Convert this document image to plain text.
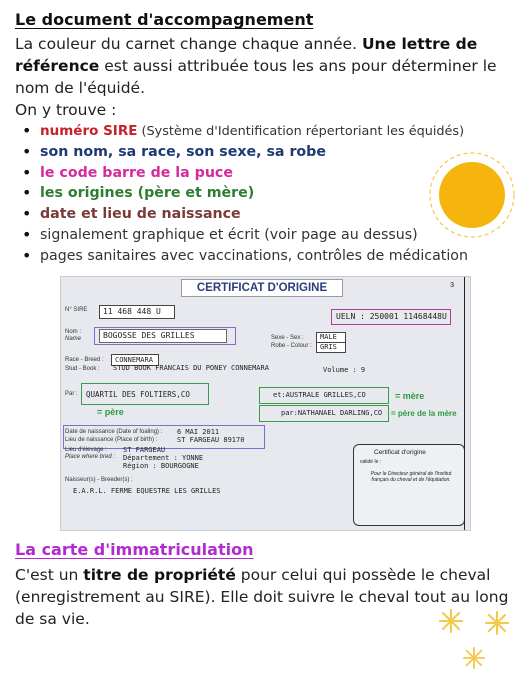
Le document d'accompagnement
La couleur du carnet change chaque année. Une lettre de référence est aussi attribuée tous les ans pour déterminer le nom de l'équidé.
On y trouve :
• numéro SIRE (Système d'Identification répertoriant les équidés)
• son nom, sa race, son sexe, sa robe
• le code barre de la puce
• les origines (père et mère)
• date et lieu de naissance
• signalement graphique et écrit (voir page au dessus)
• pages sanitaires avec vaccinations, contrôles de médication
CERTIFICAT D'ORIGINE	3
N° SIRE	11 468 448 U
UELN : 250001 11468448U
Nom :
Name	BOGOSSE DES GRILLES	Sexe - Sex :	MALE
Robe - Colour :	GRIS
Race - Breed :	CONNEMARA
Stud - Book : STUD BOOK FRANCAIS DU PONEY CONNEMARA	Volume : 9
Par : QUARTIL DES FOLTIERS,CO
= père
et:AUSTRALE GRILLES,CO	= mère
par:NATHANAEL DARLING,CO = père de la mère
Date de naissance (Date of foaling) : 6 MAI 2011
Lieu de naissance (Place of birth) :	ST FARGEAU 89170
Lieu d'élevage : ST FARGEAU
Place where bred : Département : YONNE
Région : BOURGOGNE
Naisseur(s) - Breeder(s) :
E.A.R.L. FERME EQUESTRE LES GRILLES
Certificat d'origine
validé le :
Pour le Directeur général de l'Institut français du cheval et de l'équitation.
La carte d'immatriculation
C'est un titre de propriété pour celui qui possède le cheval (enregistrement au SIRE). Elle doit suivre le cheval tout au long de sa vie.
